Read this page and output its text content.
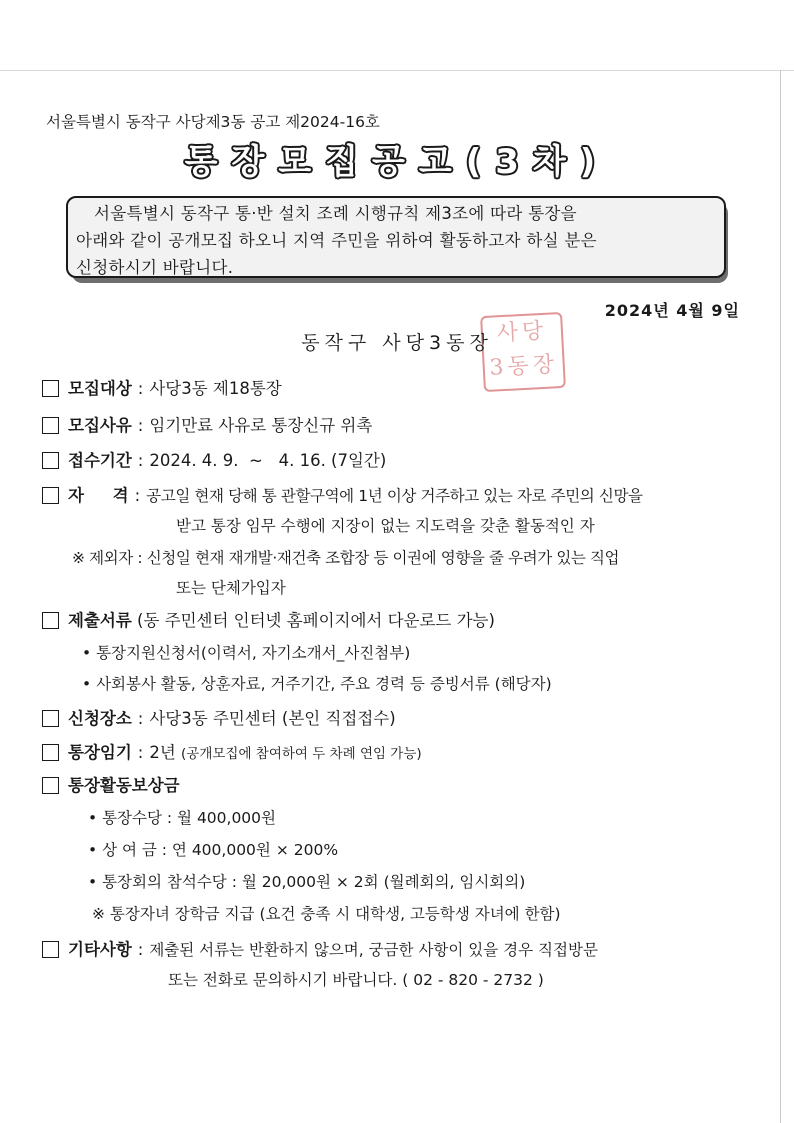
서울특별시 동작구 사당제3동 공고 제2024-16호
통장모집공고(3차)
서울특별시 동작구 통·반 설치 조례 시행규칙 제3조에 따라 통장을
아래와 같이 공개모집 하오니 지역 주민을 위하여 활동하고자 하실 분은
신청하시기 바랍니다.
2024년 4월 9일
사당
3동장
동작구 사당3동장
모집대상 : 사당3동 제18통장
모집사유 : 임기만료 사유로 통장신규 위촉
접수기간 : 2024. 4. 9.  ~   4. 16. (7일간)
자     격 : 공고일 현재 당해 통 관할구역에 1년 이상 거주하고 있는 자로 주민의 신망을
받고 통장 임무 수행에 지장이 없는 지도력을 갖춘 활동적인 자
※ 제외자 : 신청일 현재 재개발·재건축 조합장 등 이권에 영향을 줄 우려가 있는 직업
또는 단체가입자
제출서류 (동 주민센터 인터넷 홈페이지에서 다운로드 가능)
• 통장지원신청서(이력서, 자기소개서_사진첨부)
• 사회봉사 활동, 상훈자료, 거주기간, 주요 경력 등 증빙서류 (해당자)
신청장소 : 사당3동 주민센터 (본인 직접접수)
통장임기 : 2년 (공개모집에 참여하여 두 차례 연임 가능)
통장활동보상금
• 통장수당 : 월 400,000원
• 상 여 금 : 연 400,000원 × 200%
• 통장회의 참석수당 : 월 20,000원 × 2회 (월례회의, 임시회의)
※ 통장자녀 장학금 지급 (요건 충족 시 대학생, 고등학생 자녀에 한함)
기타사항 : 제출된 서류는 반환하지 않으며, 궁금한 사항이 있을 경우 직접방문
또는 전화로 문의하시기 바랍니다. ( 02 - 820 - 2732 )
